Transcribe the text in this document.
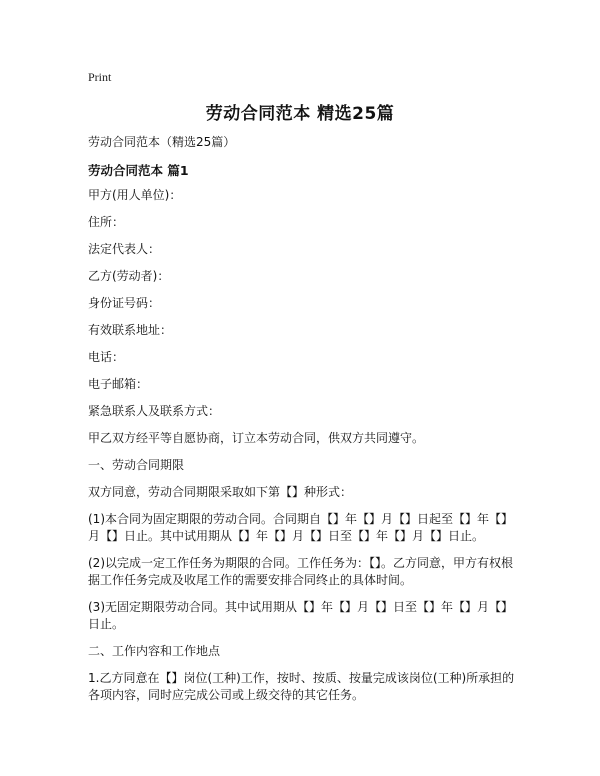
Print
劳动合同范本 精选25篇
劳动合同范本（精选25篇）
劳动合同范本 篇1

甲方(用人单位)：

住所：

法定代表人：

乙方(劳动者)：

身份证号码：

有效联系地址：

电话：

电子邮箱：

紧急联系人及联系方式：

甲乙双方经平等自愿协商，订立本劳动合同，供双方共同遵守。

一、劳动合同期限

双方同意，劳动合同期限采取如下第【】种形式：

(1)本合同为固定期限的劳动合同。合同期自【】年【】月【】日起至【】年【】月【】日止。其中试用期从【】年【】月【】日至【】年【】月【】日止。

(2)以完成一定工作任务为期限的合同。工作任务为：【】。乙方同意，甲方有权根据工作任务完成及收尾工作的需要安排合同终止的具体时间。

(3)无固定期限劳动合同。其中试用期从【】年【】月【】日至【】年【】月【】日止。

二、工作内容和工作地点

1.乙方同意在【】岗位(工种)工作，按时、按质、按量完成该岗位(工种)所承担的各项内容，同时应完成公司或上级交待的其它任务。
